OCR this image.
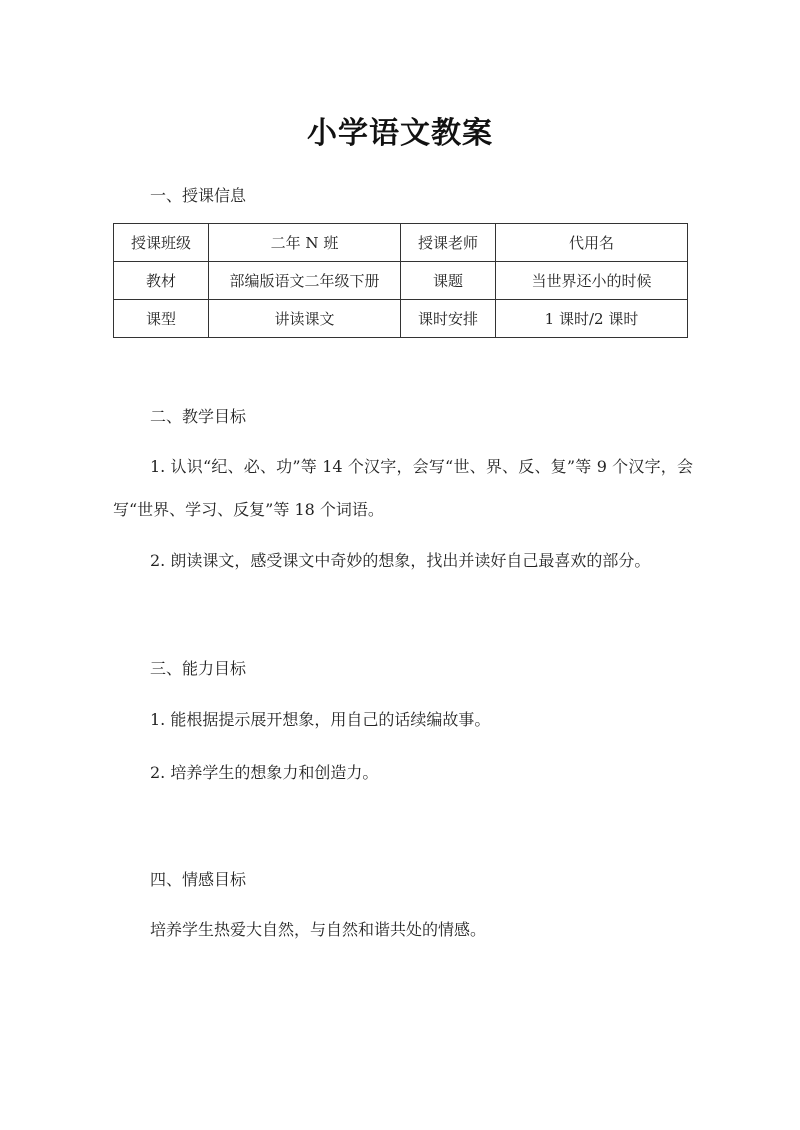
小学语文教案
一、授课信息
授课班级	二年 N 班	授课老师	代用名
教材	部编版语文二年级下册	课题	当世界还小的时候
课型	讲读课文	课时安排	1 课时/2 课时
二、教学目标

1. 认识“纪、必、功”等 14 个汉字，会写“世、界、反、复”等 9 个汉字，会写“世界、学习、反复”等 18 个词语。

2. 朗读课文，感受课文中奇妙的想象，找出并读好自己最喜欢的部分。

三、能力目标

1. 能根据提示展开想象，用自己的话续编故事。

2. 培养学生的想象力和创造力。

四、情感目标

培养学生热爱大自然，与自然和谐共处的情感。
